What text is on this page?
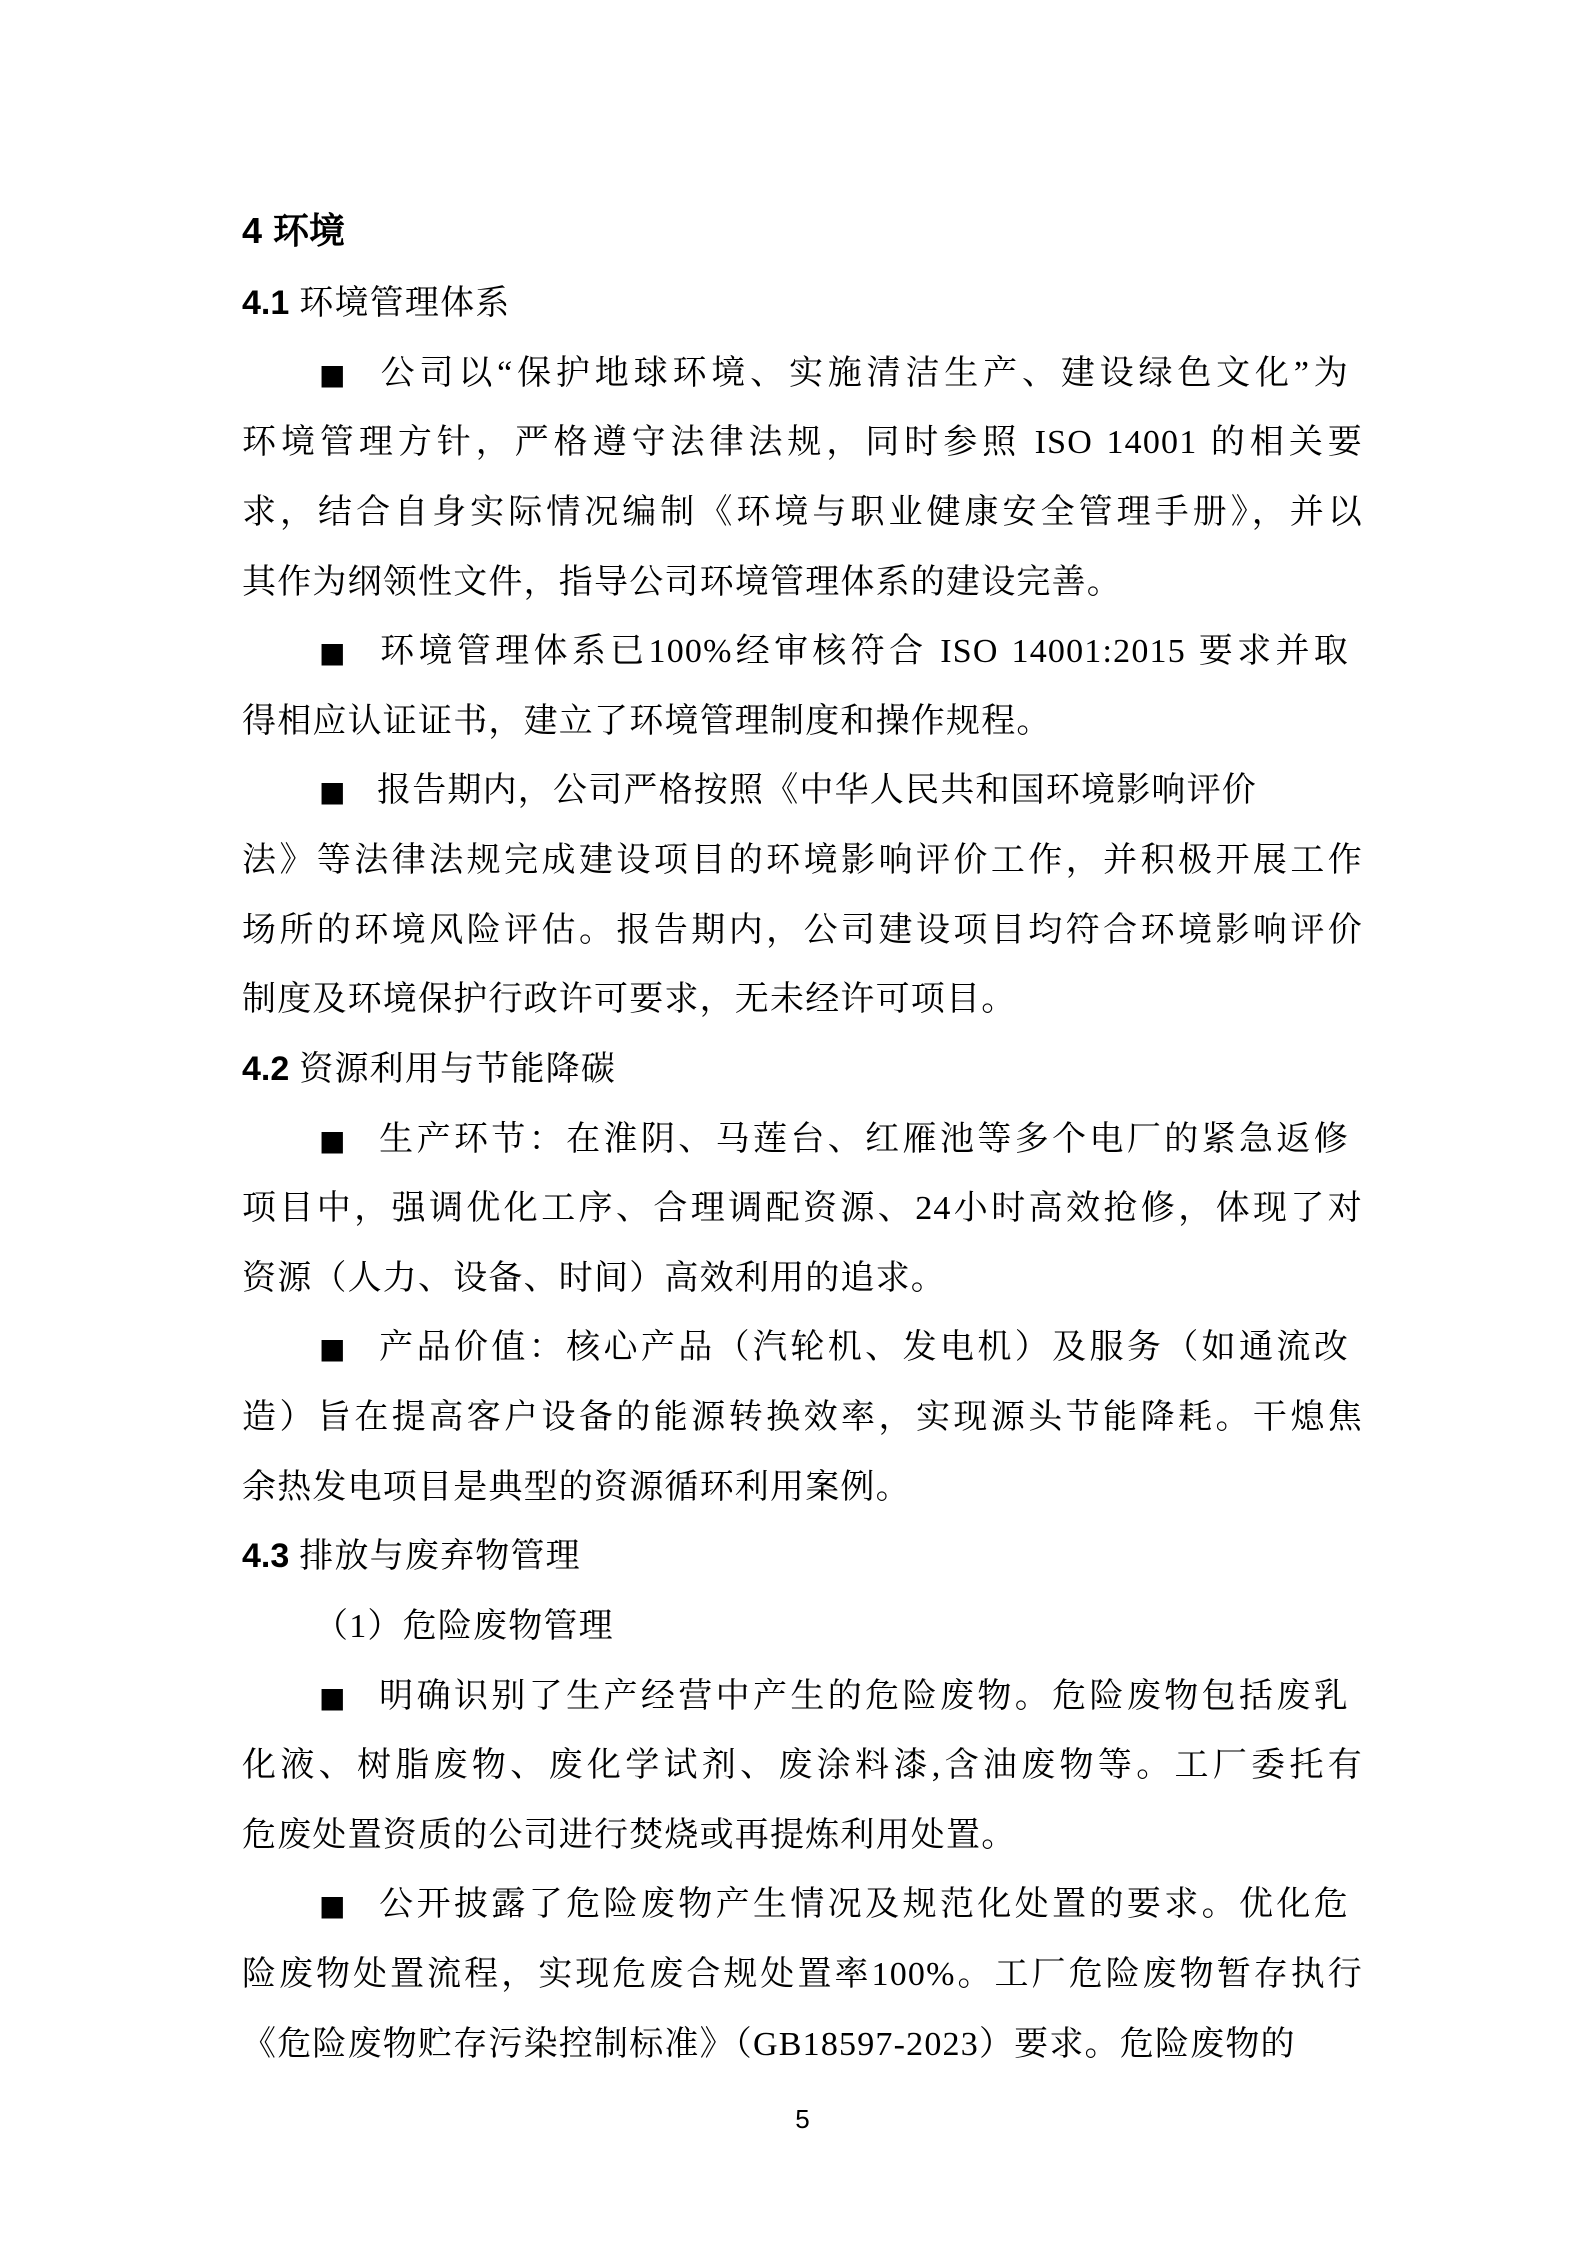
4 环境
4.1 环境管理体系
■ 公司以“保护地球环境、实施清洁生产、建设绿色文化”为
环境管理方针，严格遵守法律法规，同时参照 ISO 14001 的相关要
求，结合自身实际情况编制《环境与职业健康安全管理手册》，并以
其作为纲领性文件，指导公司环境管理体系的建设完善。
■ 环境管理体系已100%经审核符合 ISO 14001:2015 要求并取
得相应认证证书，建立了环境管理制度和操作规程。
■ 报告期内，公司严格按照《中华人民共和国环境影响评价
法》等法律法规完成建设项目的环境影响评价工作，并积极开展工作
场所的环境风险评估。报告期内，公司建设项目均符合环境影响评价
制度及环境保护行政许可要求，无未经许可项目。
4.2 资源利用与节能降碳
■ 生产环节：在淮阴、马莲台、红雁池等多个电厂的紧急返修
项目中，强调优化工序、合理调配资源、24小时高效抢修，体现了对
资源（人力、设备、时间）高效利用的追求。
■ 产品价值：核心产品（汽轮机、发电机）及服务（如通流改
造）旨在提高客户设备的能源转换效率，实现源头节能降耗。干熄焦
余热发电项目是典型的资源循环利用案例。
4.3 排放与废弃物管理
（1）危险废物管理
■ 明确识别了生产经营中产生的危险废物。危险废物包括废乳
化液、树脂废物、废化学试剂、废涂料漆,含油废物等。工厂委托有
危废处置资质的公司进行焚烧或再提炼利用处置。
■ 公开披露了危险废物产生情况及规范化处置的要求。优化危
险废物处置流程，实现危废合规处置率100%。工厂危险废物暂存执行
《危险废物贮存污染控制标准》（GB18597-2023）要求。危险废物的
5
